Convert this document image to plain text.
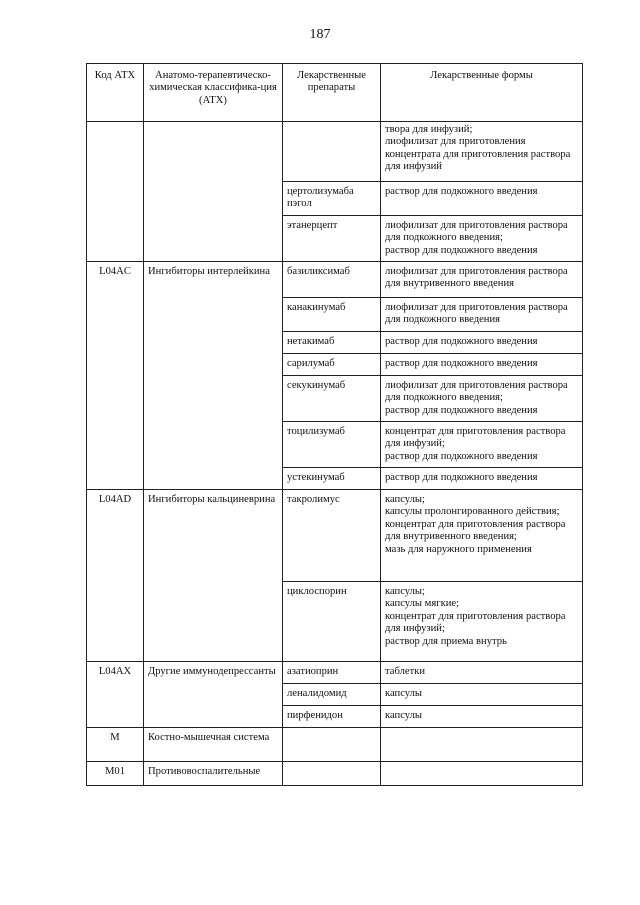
187
Код АТХ	Анатомо-терапевтическо-химическая классифика-ция (АТХ)	Лекарственные препараты	Лекарственные формы

			твора для инфузий;
лиофилизат для приготовления концентрата для приготовления раствора для инфузий

		цертолизумаба пэгол	раствор для подкожного введения
		этанерцепт	лиофилизат для приготовления раствора для подкожного введения;
раствор для подкожного введения

L04AC	Ингибиторы интерлейкина	базиликсимаб	лиофилизат для приготовления раствора для внутривенного введения
		канакинумаб	лиофилизат для приготовления раствора для подкожного введения
		нетакимаб	раствор для подкожного введения
		сарилумаб	раствор для подкожного введения
		секукинумаб	лиофилизат для приготовления раствора для подкожного введения;
раствор для подкожного введения

		тоцилизумаб	концентрат для приготовления раствора для инфузий;
раствор для подкожного введения

		устекинумаб	раствор для подкожного введения
L04AD	Ингибиторы кальциневрина	такролимус	капсулы;
капсулы пролонгированного действия;
концентрат для приготовления раствора для внутривенного введения;
мазь для наружного применения

		циклоспорин	капсулы;
капсулы мягкие;
концентрат для приготовления раствора для инфузий;
раствор для приема внутрь

L04AX	Другие иммунодепрессанты	азатиоприн	таблетки
		леналидомид	капсулы
		пирфенидон	капсулы
M	Костно-мышечная система		
M01	Противовоспалительные		
